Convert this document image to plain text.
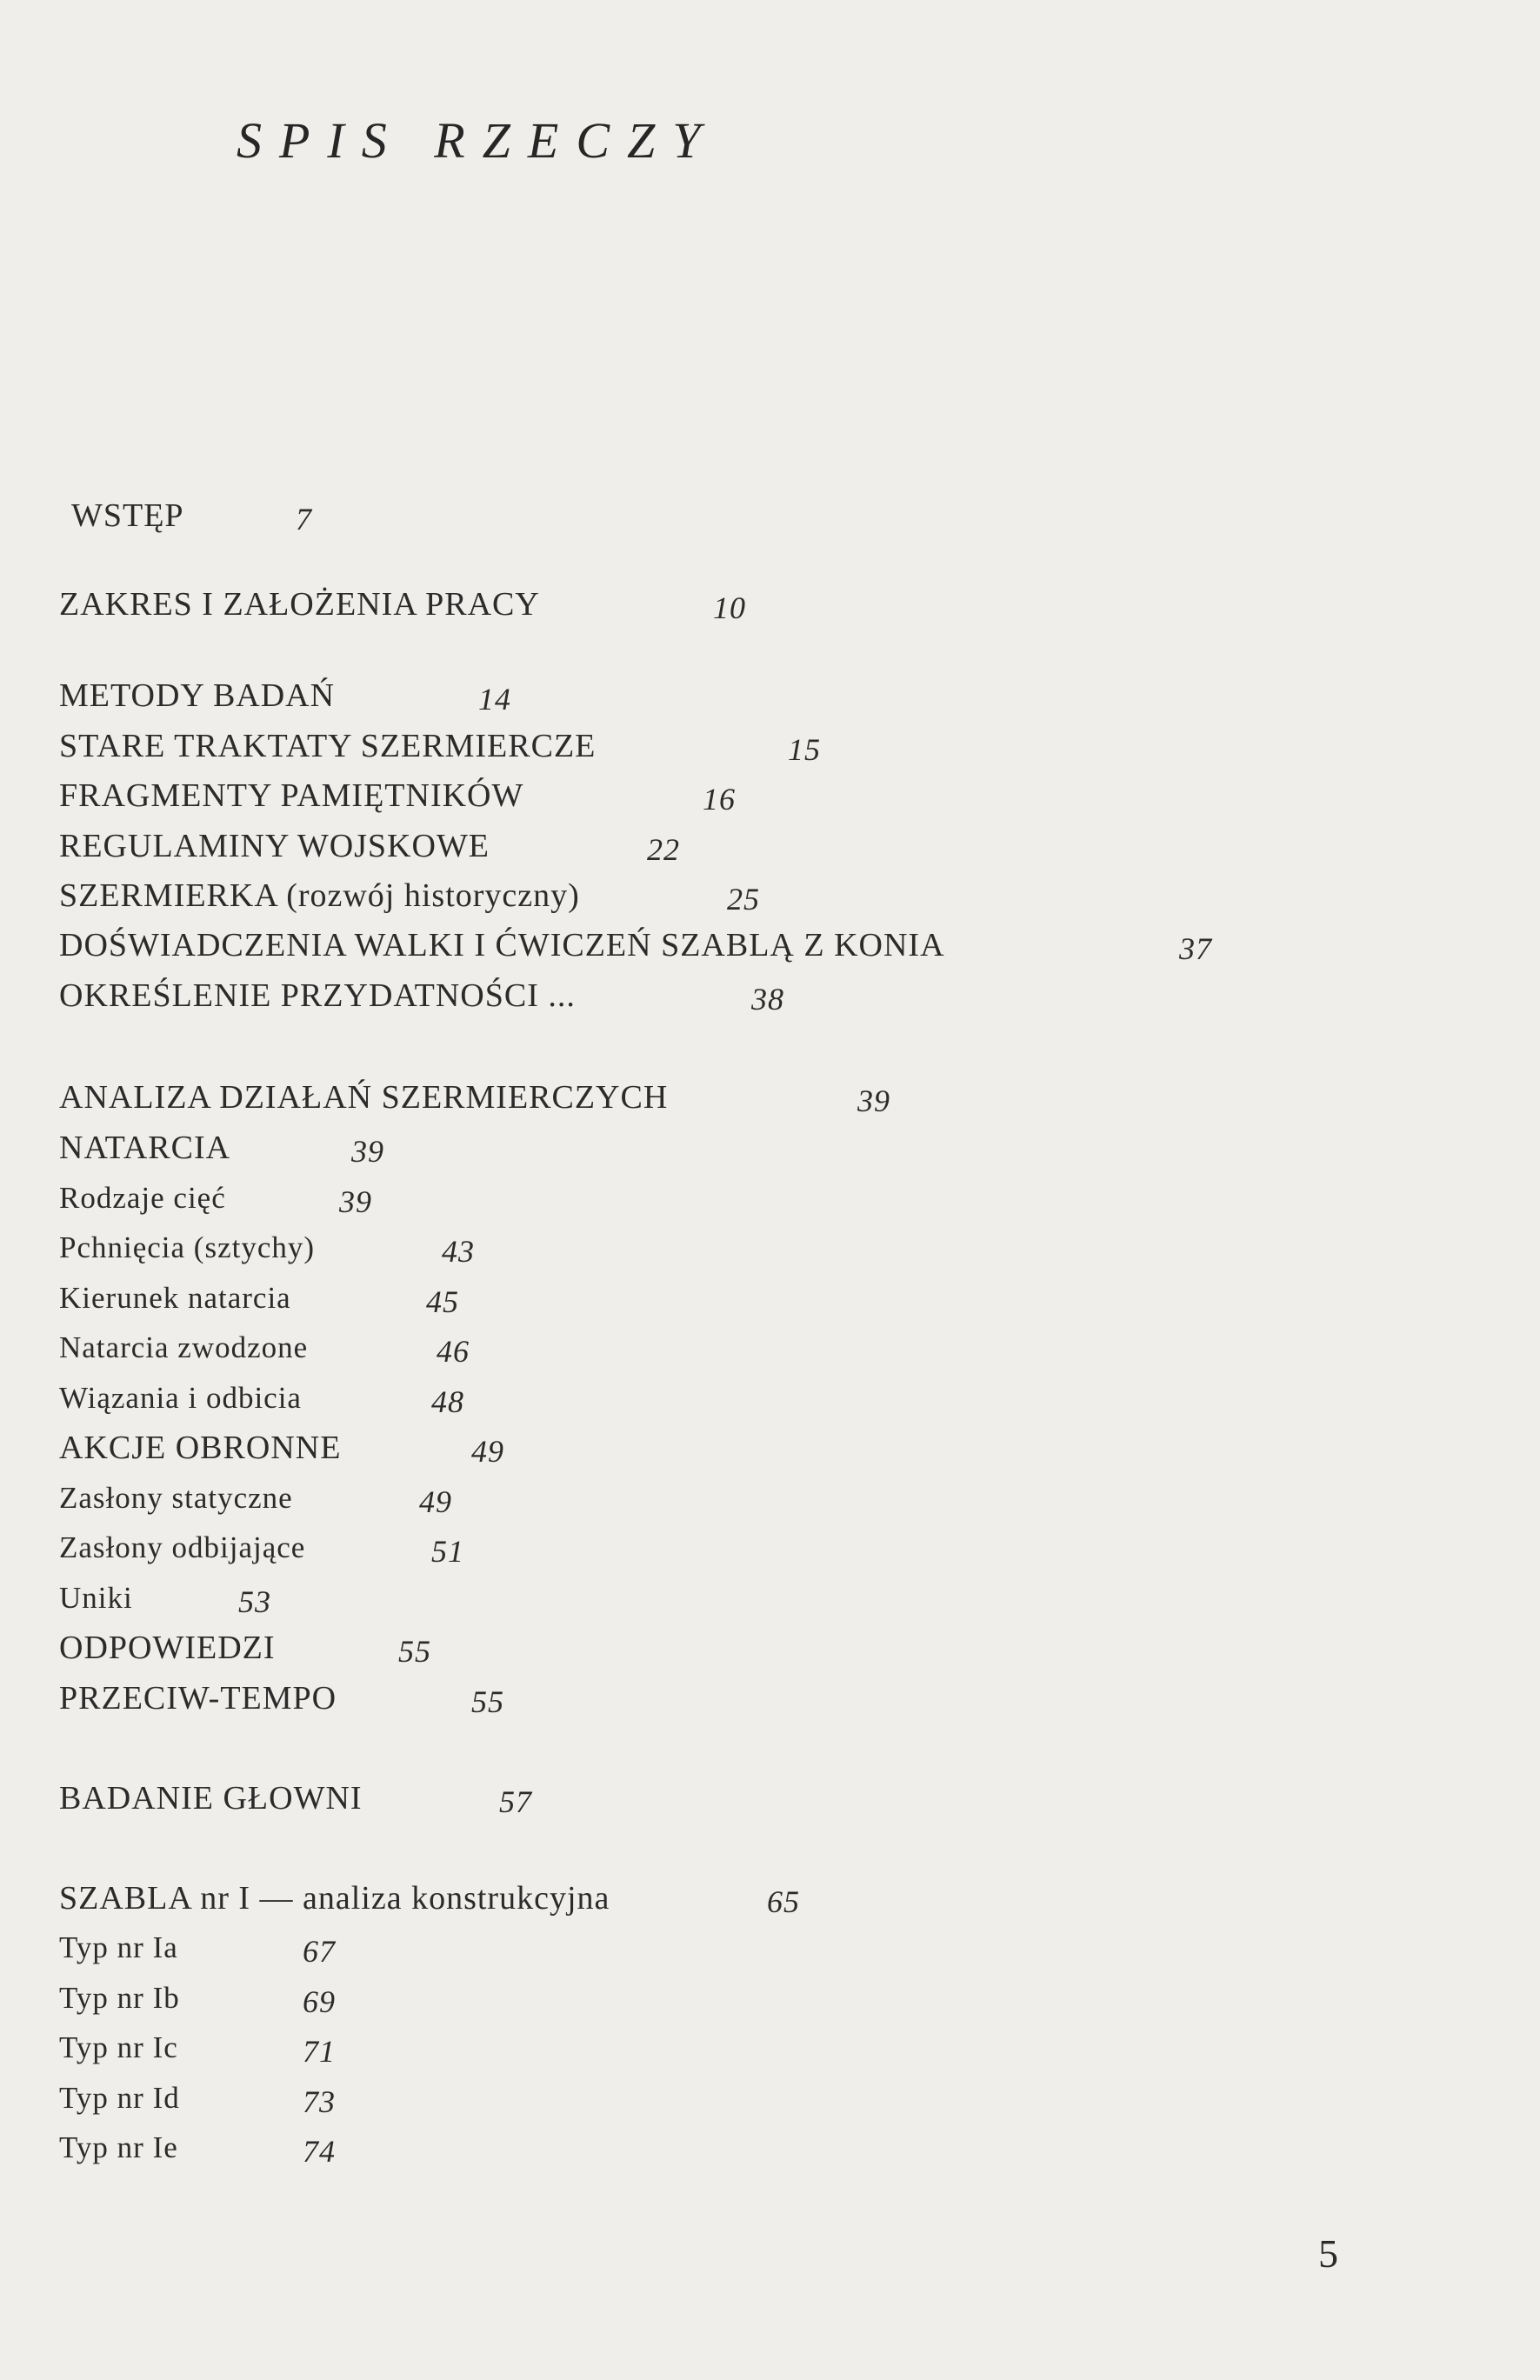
SPIS RZECZY
WSTĘP	7
ZAKRES I ZAŁOŻENIA PRACY	10
METODY BADAŃ	14
STARE TRAKTATY SZERMIERCZE	15
FRAGMENTY PAMIĘTNIKÓW	16
REGULAMINY WOJSKOWE	22
SZERMIERKA (rozwój historyczny)	25
DOŚWIADCZENIA WALKI I ĆWICZEŃ SZABLĄ Z KONIA	37
OKREŚLENIE PRZYDATNOŚCI ...	38
ANALIZA DZIAŁAŃ SZERMIERCZYCH	39
NATARCIA	39
Rodzaje cięć	39
Pchnięcia (sztychy)	43
Kierunek natarcia	45
Natarcia zwodzone	46
Wiązania i odbicia	48
AKCJE OBRONNE	49
Zasłony statyczne	49
Zasłony odbijające	51
Uniki	53
ODPOWIEDZI	55
PRZECIW-TEMPO	55
BADANIE GŁOWNI	57
SZABLA nr I — analiza konstrukcyjna	65
Typ nr Ia	67
Typ nr Ib	69
Typ nr Ic	71
Typ nr Id	73
Typ nr Ie	74
5
